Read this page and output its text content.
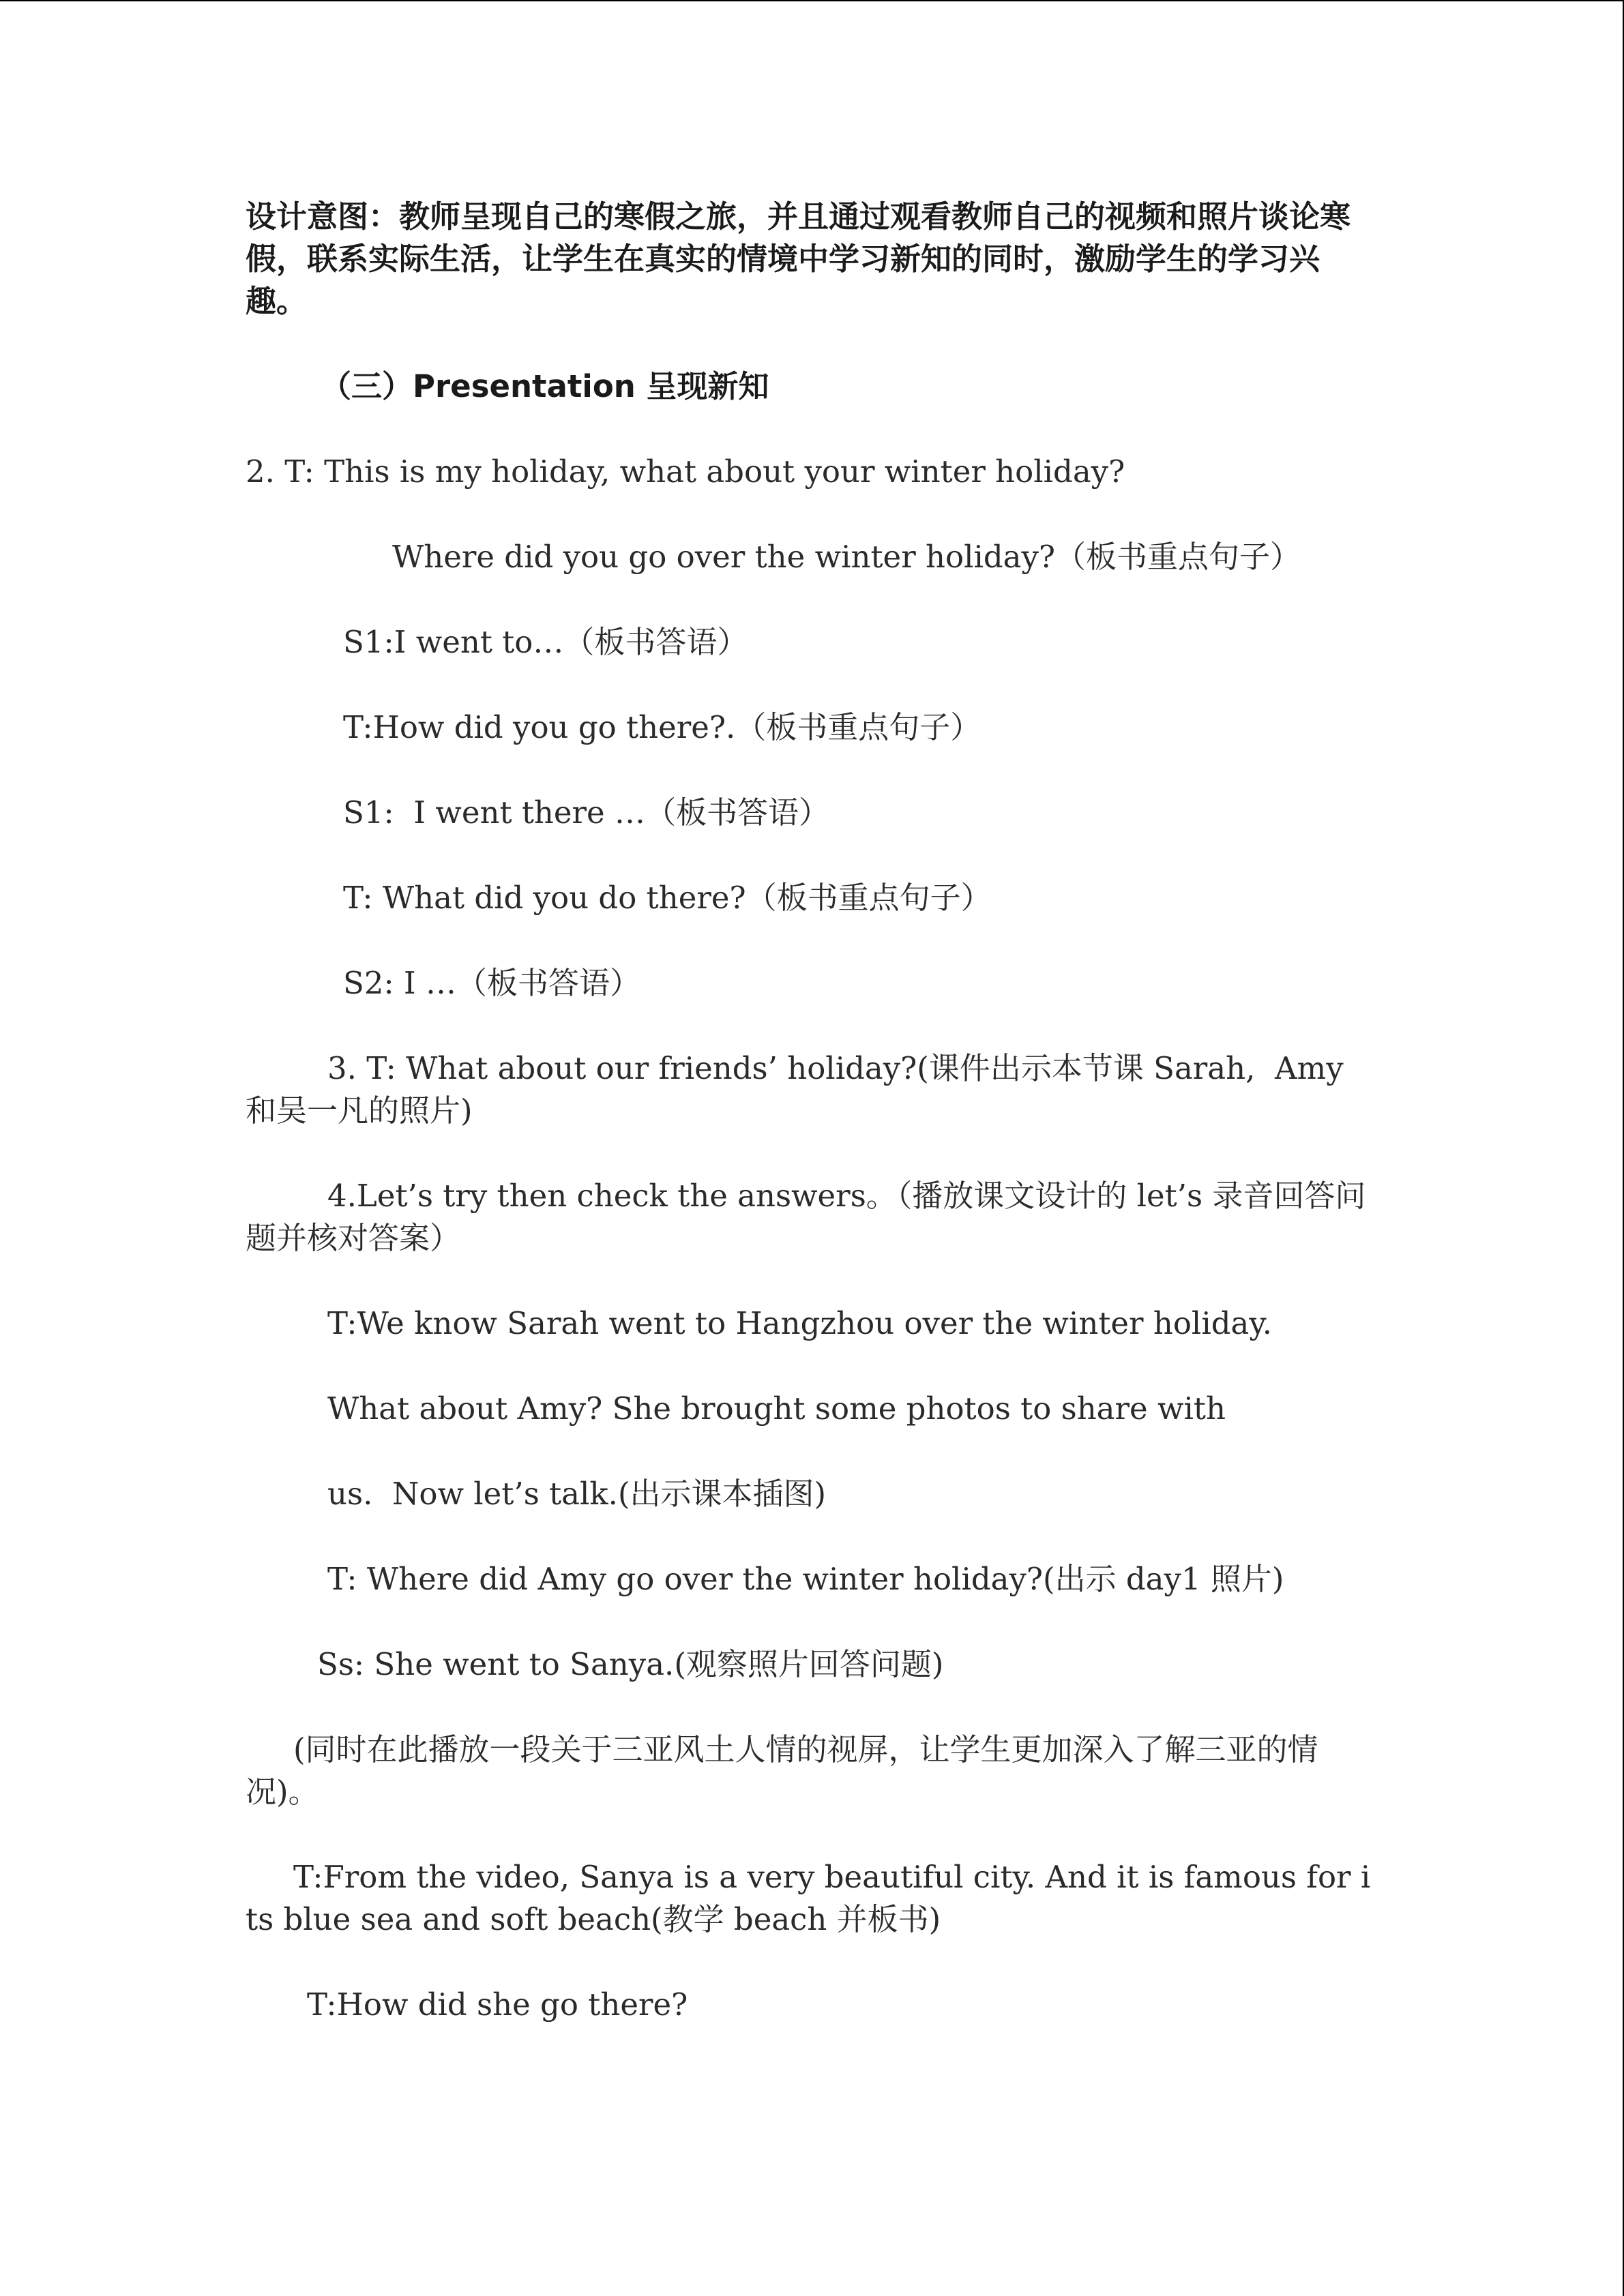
设计意图：教师呈现自己的寒假之旅，并且通过观看教师自己的视频和照片谈论寒假，联系实际生活，让学生在真实的情境中学习新知的同时，激励学生的学习兴趣。

（三）Presentation 呈现新知

2. T: This is my holiday, what about your winter holiday?

Where did you go over the winter holiday?（板书重点句子）

S1:I went to…（板书答语）

T:How did you go there?.（板书重点句子）

S1:  I went there …（板书答语）

T: What did you do there?（板书重点句子）

S2: I …（板书答语）

3. T: What about our friends’ holiday?(课件出示本节课 Sarah,  Amy 和吴一凡的照片)

4.Let’s try then check the answers。（播放课文设计的 let’s 录音回答问题并核对答案）

T:We know Sarah went to Hangzhou over the winter holiday.

What about Amy? She brought some photos to share with

us.  Now let’s talk.(出示课本插图)

T: Where did Amy go over the winter holiday?(出示 day1 照片)

Ss: She went to Sanya.(观察照片回答问题)

(同时在此播放一段关于三亚风土人情的视屏，让学生更加深入了解三亚的情况)。

T:From the video, Sanya is a very beautiful city. And it is famous for its blue sea and soft beach(教学 beach 并板书)

T:How did she go there?
